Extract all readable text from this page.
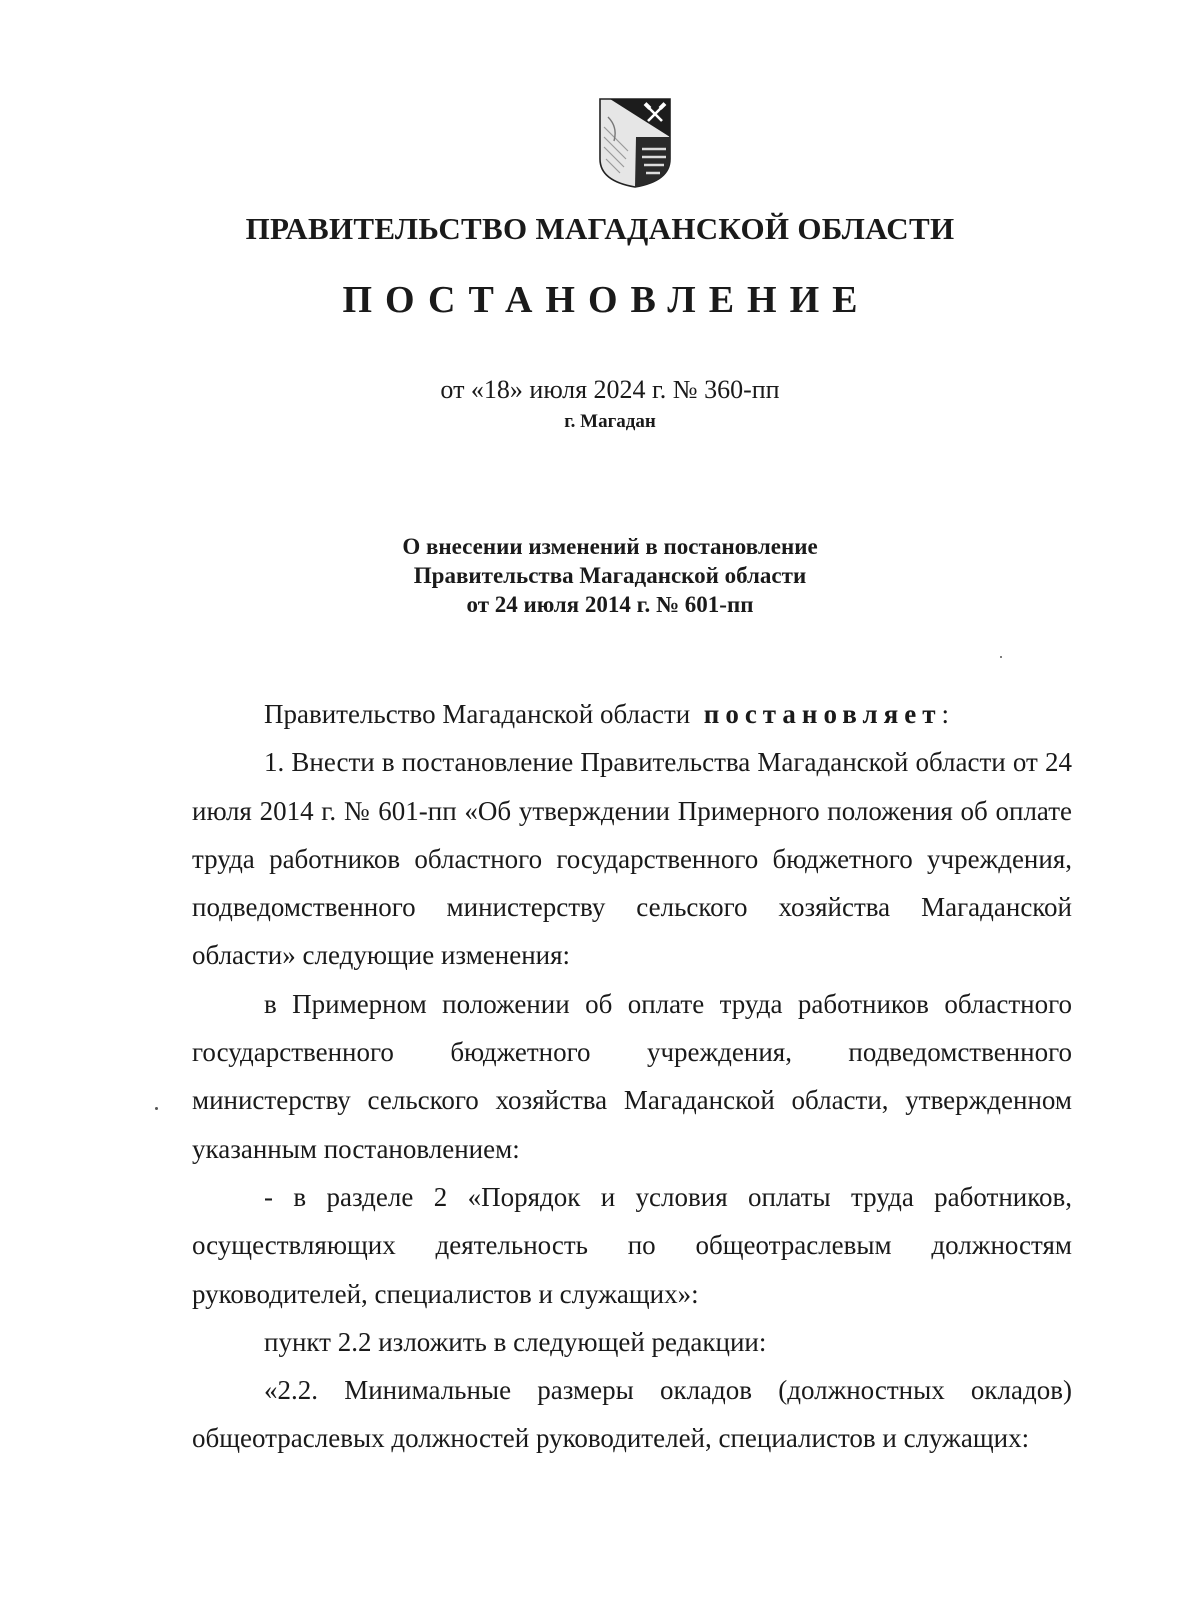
ПРАВИТЕЛЬСТВО МАГАДАНСКОЙ ОБЛАСТИ
ПОСТАНОВЛЕНИЕ
от «18» июля 2024 г. № 360-пп
г. Магадан
О внесении изменений в постановление
Правительства Магаданской области
от 24 июля 2014 г. № 601-пп

Правительство Магаданской области постановляет:

1. Внести в постановление Правительства Магаданской области от 24 июля 2014 г. № 601-пп «Об утверждении Примерного положения об оплате труда работников областного государственного бюджетного учреждения, подведомственного министерству сельского хозяйства Магаданской области» следующие изменения:

в Примерном положении об оплате труда работников областного государственного бюджетного учреждения, подведомственного министерству сельского хозяйства Магаданской области, утвержденном указанным постановлением:

- в разделе 2 «Порядок и условия оплаты труда работников, осуществляющих деятельность по общеотраслевым должностям руководителей, специалистов и служащих»:

пункт 2.2 изложить в следующей редакции:

«2.2. Минимальные размеры окладов (должностных окладов) общеотраслевых должностей руководителей, специалистов и служащих:
